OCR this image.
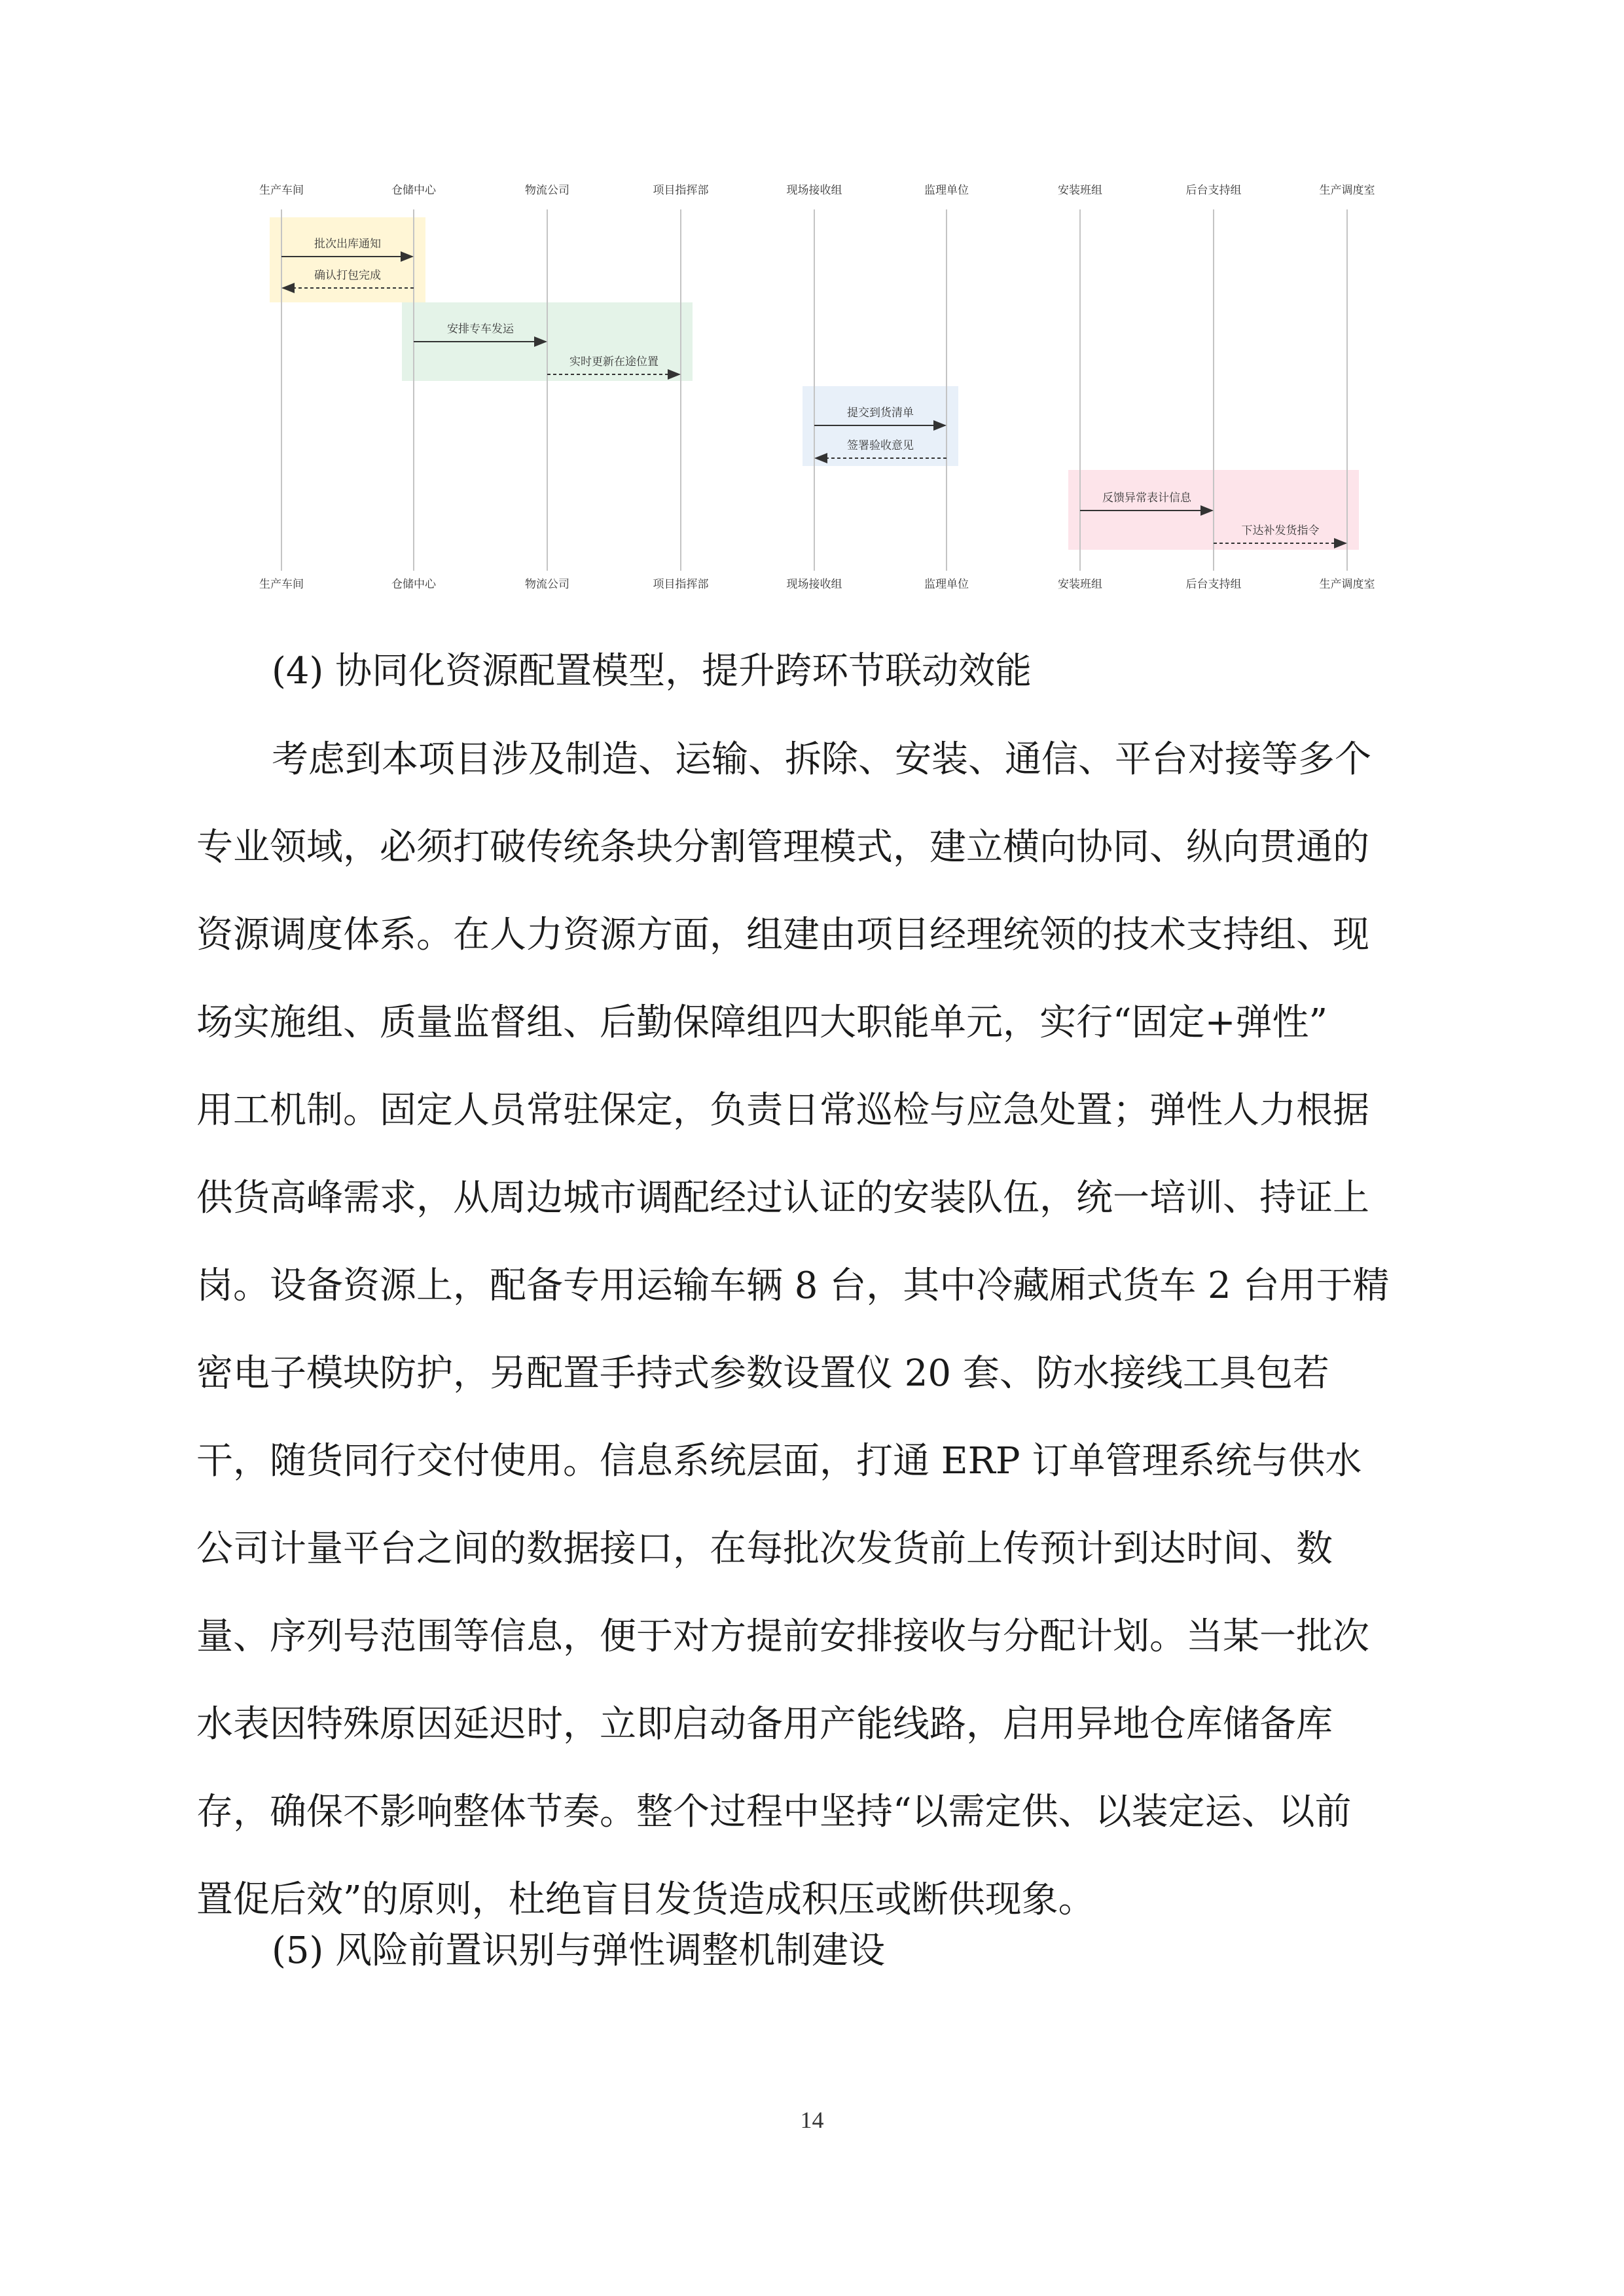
批次出库通知
确认打包完成
安排专车发运
实时更新在途位置
提交到货清单
签署验收意见
反馈异常表计信息
下达补发货指令
生产车间
生产车间
仓储中心
仓储中心
物流公司
物流公司
项目指挥部
项目指挥部
现场接收组
现场接收组
监理单位
监理单位
安装班组
安装班组
后台支持组
后台支持组
生产调度室
生产调度室

(4) 协同化资源配置模型，提升跨环节联动效能

考虑到本项目涉及制造、运输、拆除、安装、通信、平台对接等多个

专业领域，必须打破传统条块分割管理模式，建立横向协同、纵向贯通的

资源调度体系。在人力资源方面，组建由项目经理统领的技术支持组、现

场实施组、质量监督组、后勤保障组四大职能单元，实行“固定+弹性”

用工机制。固定人员常驻保定，负责日常巡检与应急处置；弹性人力根据

供货高峰需求，从周边城市调配经过认证的安装队伍，统一培训、持证上

岗。设备资源上，配备专用运输车辆 8 台，其中冷藏厢式货车 2 台用于精

密电子模块防护，另配置手持式参数设置仪 20 套、防水接线工具包若

干，随货同行交付使用。信息系统层面，打通 ERP 订单管理系统与供水

公司计量平台之间的数据接口，在每批次发货前上传预计到达时间、数

量、序列号范围等信息，便于对方提前安排接收与分配计划。当某一批次

水表因特殊原因延迟时，立即启动备用产能线路，启用异地仓库储备库

存，确保不影响整体节奏。整个过程中坚持“以需定供、以装定运、以前

置促后效”的原则，杜绝盲目发货造成积压或断供现象。

(5) 风险前置识别与弹性调整机制建设

14
